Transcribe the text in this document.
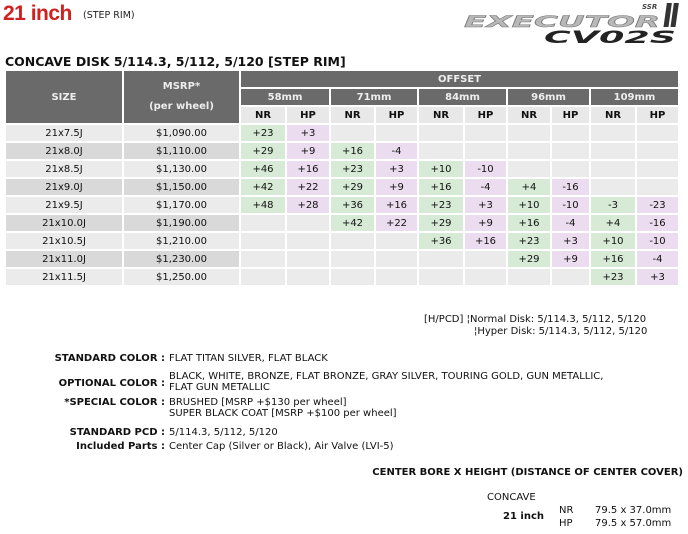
21 inch (STEP RIM)	EXECUTOR
SSR
CV02S
CONCAVE DISK 5/114.3, 5/112, 5/120 [STEP RIM]
SIZE	MSRP*
(per wheel)	OFFSET									
		58mm		71mm		84mm		96mm		109mm	
		NR	HP	NR	HP	NR	HP	NR	HP	NR	HP
21x7.5J	$1,090.00	+23	+3								
21x8.0J	$1,110.00	+29	+9	+16	-4						
21x8.5J	$1,130.00	+46	+16	+23	+3	+10	-10				
21x9.0J	$1,150.00	+42	+22	+29	+9	+16	-4	+4	-16		
21x9.5J	$1,170.00	+48	+28	+36	+16	+23	+3	+10	-10	-3	-23
21x10.0J	$1,190.00			+42	+22	+29	+9	+16	-4	+4	-16
21x10.5J	$1,210.00					+36	+16	+23	+3	+10	-10
21x11.0J	$1,230.00							+29	+9	+16	-4
21x11.5J	$1,250.00									+23	+3
[H/PCD] ¦Normal Disk: 5/114.3, 5/112, 5/120
¦Hyper Disk: 5/114.3, 5/112, 5/120
STANDARD COLOR : FLAT TITAN SILVER, FLAT BLACK
OPTIONAL COLOR :
BLACK, WHITE, BRONZE, FLAT BRONZE, GRAY SILVER, TOURING GOLD, GUN METALLIC,
FLAT GUN METALLIC
*SPECIAL COLOR : BRUSHED [MSRP +$130 per wheel]
SUPER BLACK COAT [MSRP +$100 per wheel]
STANDARD PCD : 5/114.3, 5/112, 5/120
Included Parts : Center Cap (Silver or Black), Air Valve (LVI-5)
CENTER BORE X HEIGHT (DISTANCE OF CENTER COVER)
CONCAVE
21 inch
NR 79.5 x 37.0mm
HP 79.5 x 57.0mm
